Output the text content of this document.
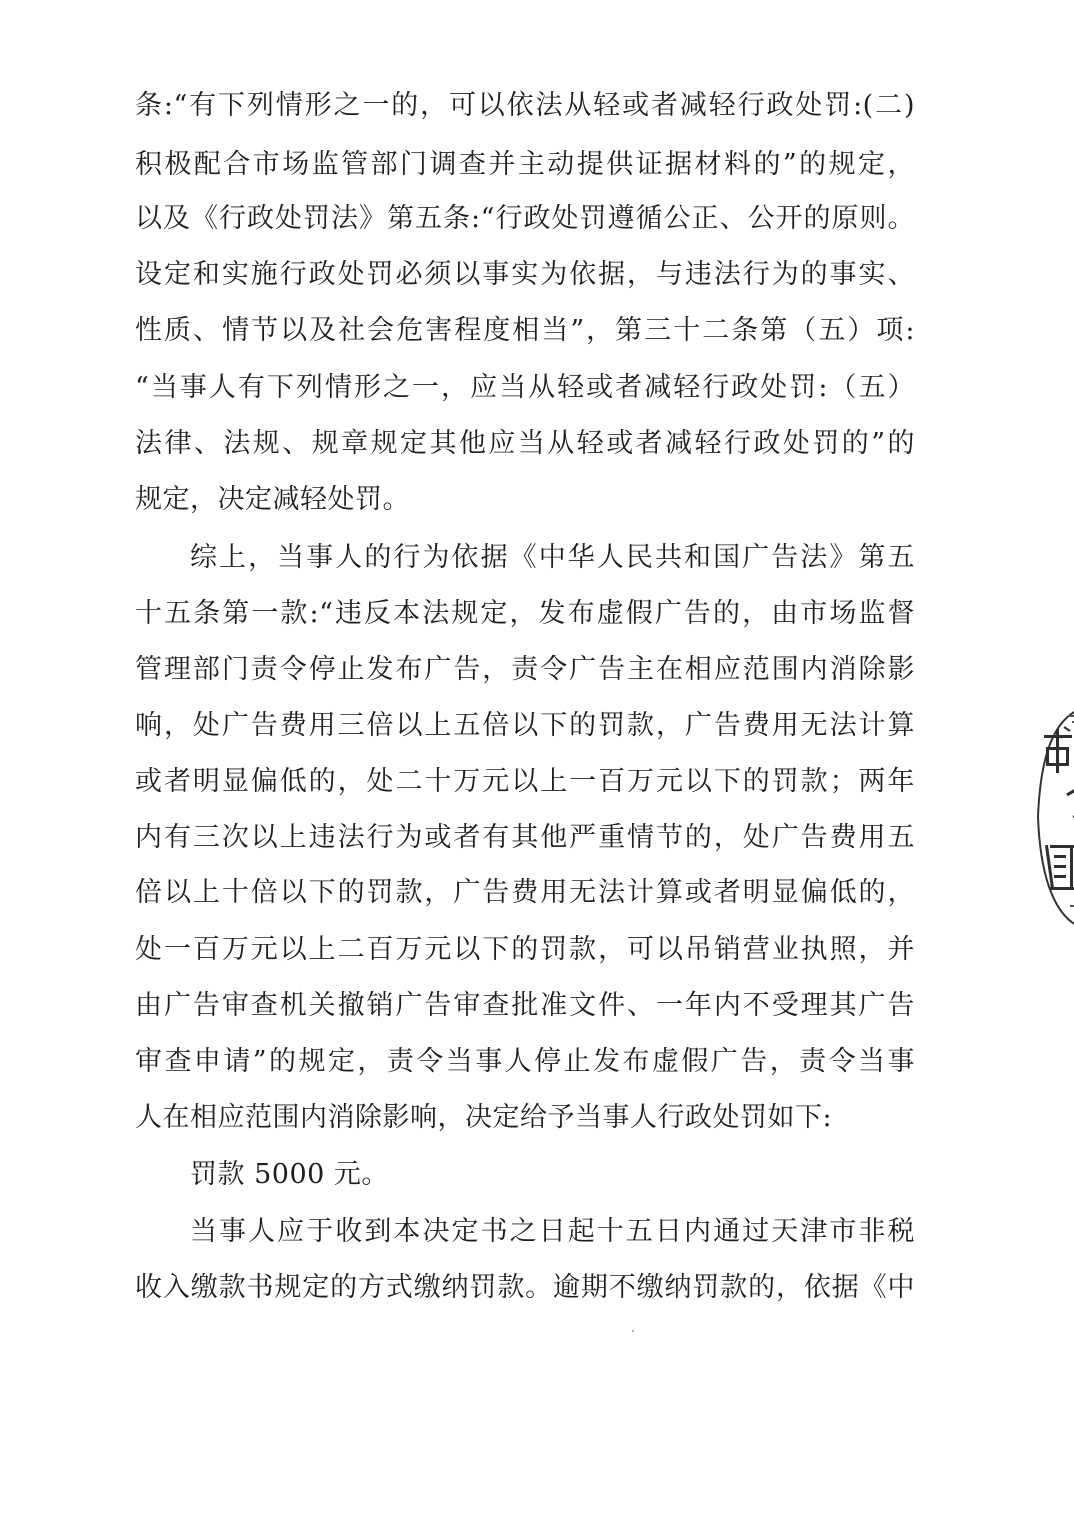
条:“有下列情形之一的，可以依法从轻或者减轻行政处罚:(二)
积极配合市场监管部门调查并主动提供证据材料的”的规定，
以及《行政处罚法》第五条:“行政处罚遵循公正、公开的原则。
设定和实施行政处罚必须以事实为依据，与违法行为的事实、
性质、情节以及社会危害程度相当”，第三十二条第（五）项:
“当事人有下列情形之一，应当从轻或者减轻行政处罚:（五）
法律、法规、规章规定其他应当从轻或者减轻行政处罚的”的
规定，决定减轻处罚。
综上，当事人的行为依据《中华人民共和国广告法》第五
十五条第一款:“违反本法规定，发布虚假广告的，由市场监督
管理部门责令停止发布广告，责令广告主在相应范围内消除影
响，处广告费用三倍以上五倍以下的罚款，广告费用无法计算
或者明显偏低的，处二十万元以上一百万元以下的罚款；两年
内有三次以上违法行为或者有其他严重情节的，处广告费用五
倍以上十倍以下的罚款，广告费用无法计算或者明显偏低的，
处一百万元以上二百万元以下的罚款，可以吊销营业执照，并
由广告审查机关撤销广告审查批准文件、一年内不受理其广告
审查申请”的规定，责令当事人停止发布虚假广告，责令当事
人在相应范围内消除影响，决定给予当事人行政处罚如下:
罚款 5000 元。
当事人应于收到本决定书之日起十五日内通过天津市非税
收入缴款书规定的方式缴纳罚款。逾期不缴纳罚款的，依据《中
